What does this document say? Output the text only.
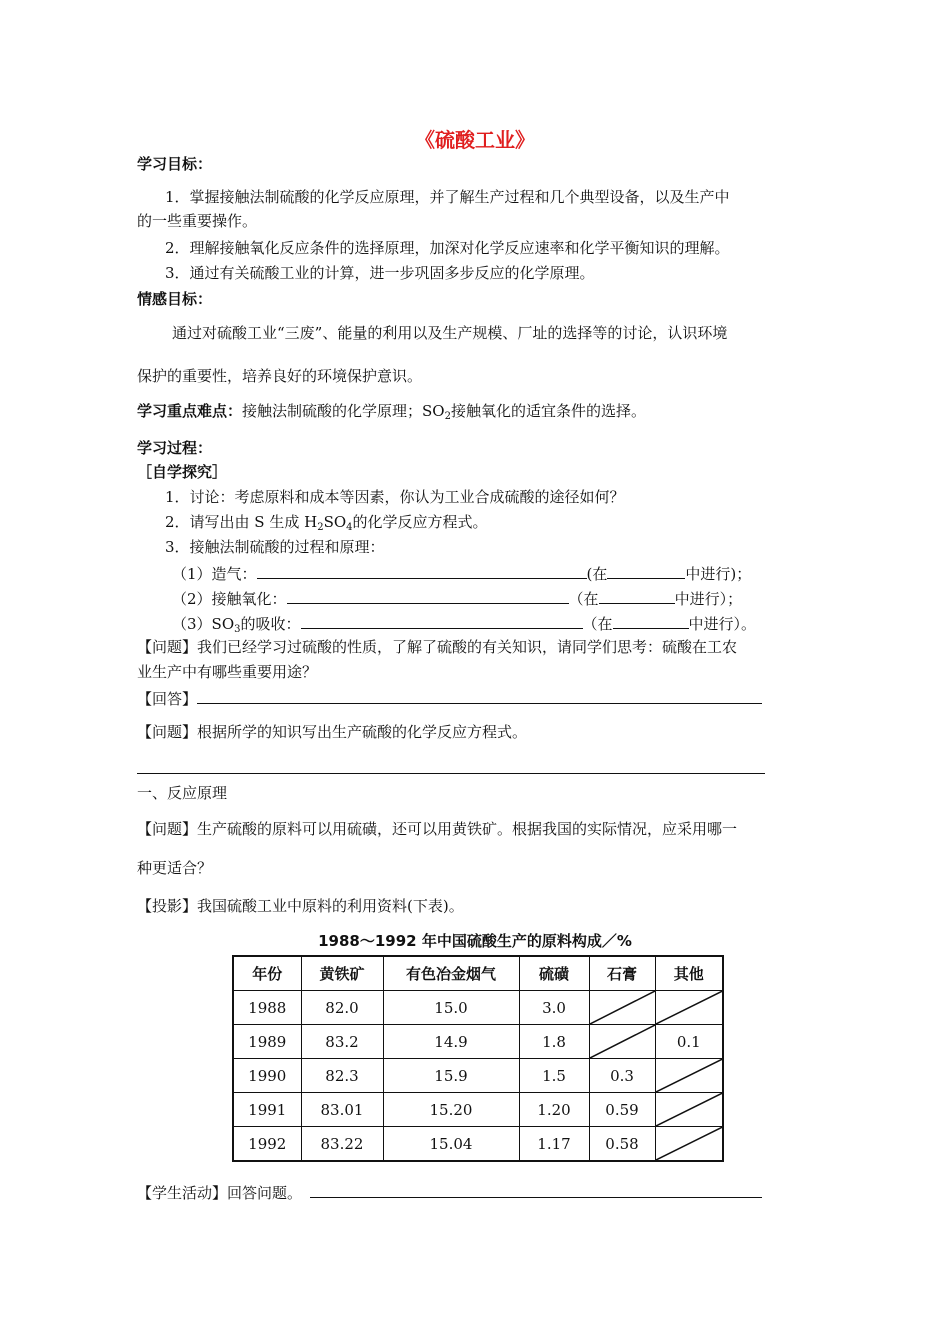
《硫酸工业》
学习目标：
1．掌握接触法制硫酸的化学反应原理，并了解生产过程和几个典型设备，以及生产中
的一些重要操作。
2．理解接触氧化反应条件的选择原理，加深对化学反应速率和化学平衡知识的理解。
3．通过有关硫酸工业的计算，进一步巩固多步反应的化学原理。
情感目标：
通过对硫酸工业“三废”、能量的利用以及生产规模、厂址的选择等的讨论，认识环境
保护的重要性，培养良好的环境保护意识。
学习重点难点：接触法制硫酸的化学原理；$SO_2$接触氧化的适宜条件的选择。
学习过程：
［自学探究］
1．讨论：考虑原料和成本等因素，你认为工业合成硫酸的途径如何？
2．请写出由 S 生成 $H_2SO_4$的化学反应方程式。
3．接触法制硫酸的过程和原理：
（1）造气：	(在	中进行)；
（2）接触氧化：	（在	中进行）；
$(3)SO_3$的吸收：	（在	中进行）。
【问题】我们已经学习过硫酸的性质，了解了硫酸的有关知识，请同学们思考：硫酸在工农
业生产中有哪些重要用途？
【回答】
【问题】根据所学的知识写出生产硫酸的化学反应方程式。
一、反应原理
【问题】生产硫酸的原料可以用硫磺，还可以用黄铁矿。根据我国的实际情况，应采用哪一
种更适合？
【投影】我国硫酸工业中原料的利用资料(下表)。
1988～1992 年中国硫酸生产的原料构成／%
年份	黄铁矿	有色冶金烟气	硫磺	石膏	其他
1988	82.0	15.0	3.0	

1989	83.2	14.9	1.8		0.1
1990	82.3	15.9	1.5	0.3	

1991	83.01	15.20	1.20	0.59	

1992	83.22	15.04	1.17	0.58	
【学生活动】回答问题。
